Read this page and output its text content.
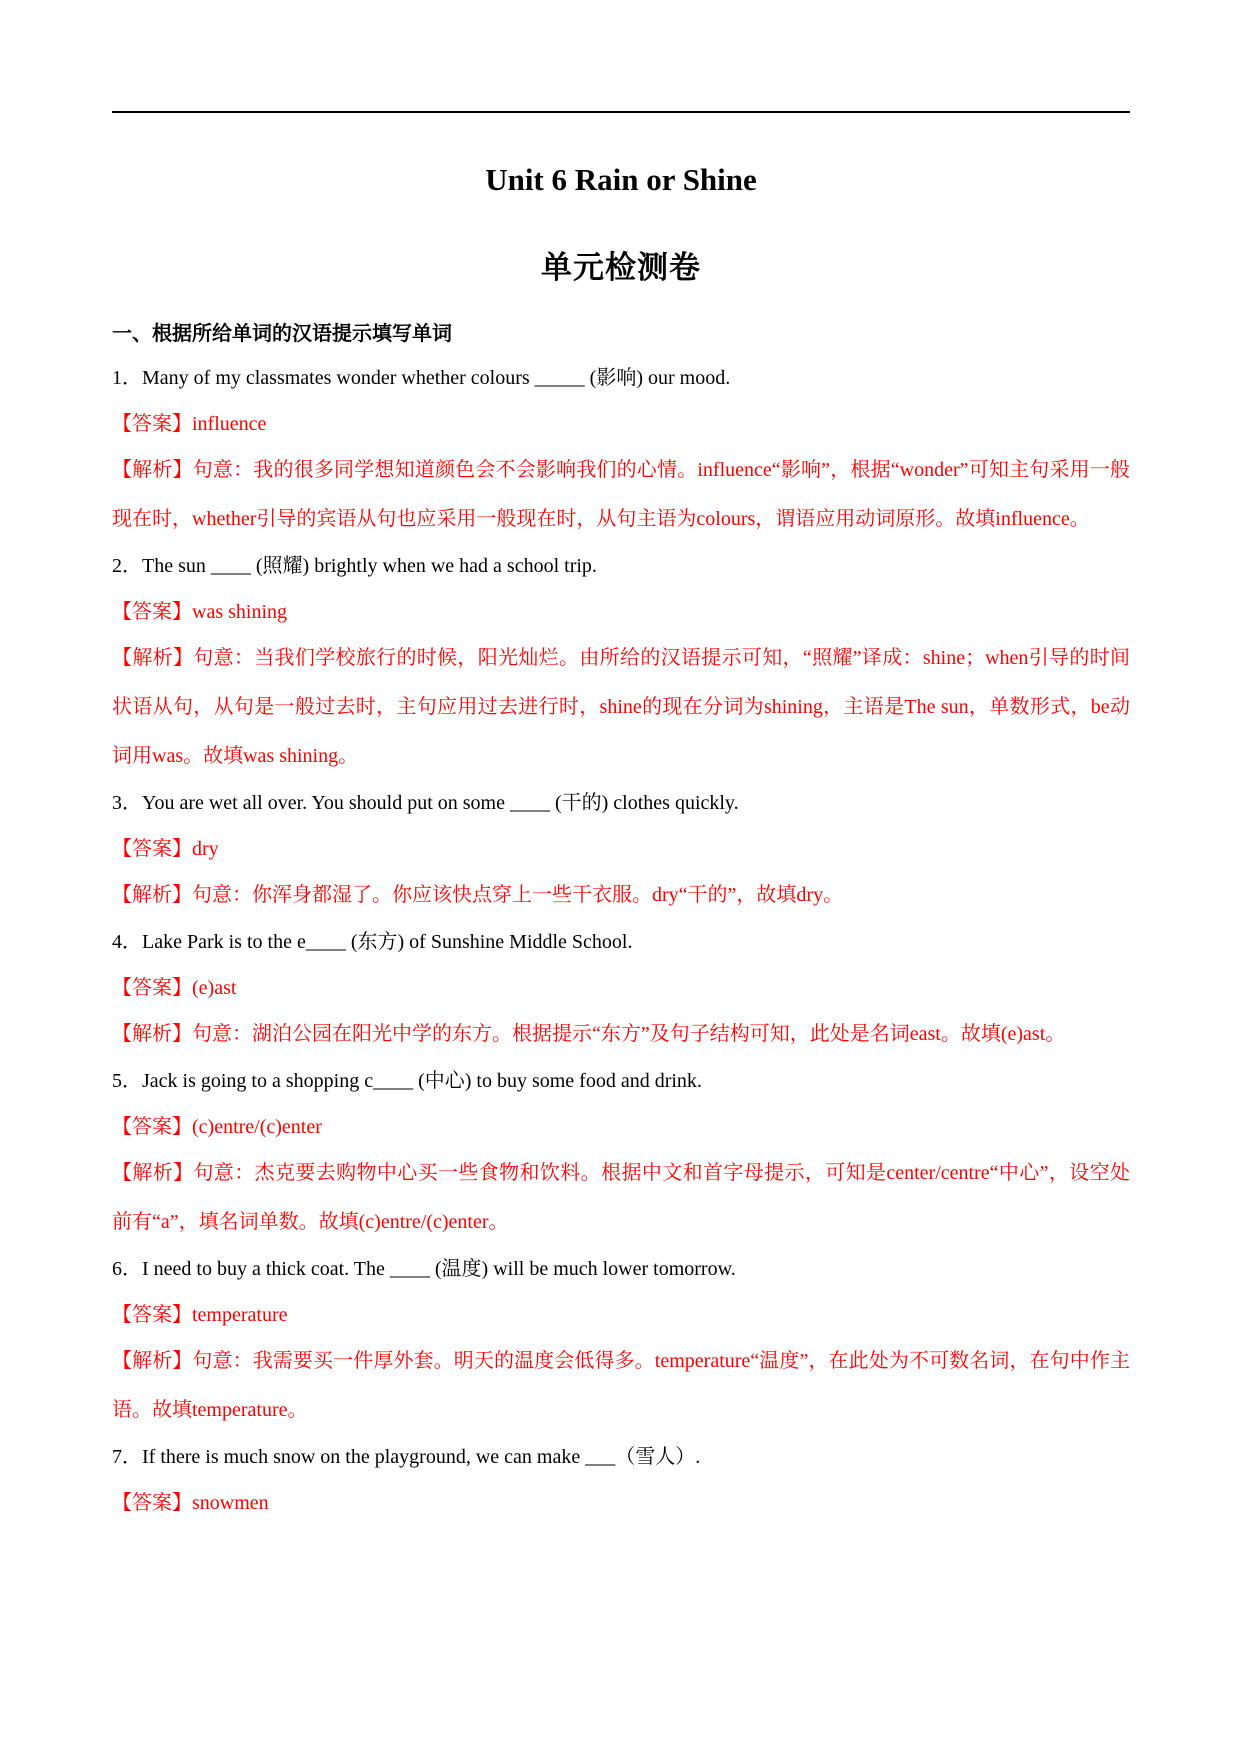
Unit 6 Rain or Shine
单元检测卷
一、根据所给单词的汉语提示填写单词
1．Many of my classmates wonder whether colours _____ (影响) our mood.
【答案】influence
【解析】句意：我的很多同学想知道颜色会不会影响我们的心情。influence“影响”，根据“wonder”可知主句采用一般现在时，whether引导的宾语从句也应采用一般现在时，从句主语为colours，谓语应用动词原形。故填influence。
2．The sun ____ (照耀) brightly when we had a school trip.
【答案】was shining
【解析】句意：当我们学校旅行的时候，阳光灿烂。由所给的汉语提示可知，“照耀”译成：shine；when引导的时间状语从句，从句是一般过去时，主句应用过去进行时，shine的现在分词为shining，主语是The sun，单数形式，be动词用was。故填was shining。
3．You are wet all over. You should put on some ____ (干的) clothes quickly.
【答案】dry
【解析】句意：你浑身都湿了。你应该快点穿上一些干衣服。dry“干的”，故填dry。
4．Lake Park is to the e____ (东方) of Sunshine Middle School.
【答案】(e)ast
【解析】句意：湖泊公园在阳光中学的东方。根据提示“东方”及句子结构可知，此处是名词east。故填(e)ast。
5．Jack is going to a shopping c____ (中心) to buy some food and drink.
【答案】(c)entre/(c)enter
【解析】句意：杰克要去购物中心买一些食物和饮料。根据中文和首字母提示，可知是center/centre“中心”，设空处前有“a”，填名词单数。故填(c)entre/(c)enter。
6．I need to buy a thick coat. The ____ (温度) will be much lower tomorrow.
【答案】temperature
【解析】句意：我需要买一件厚外套。明天的温度会低得多。temperature“温度”，在此处为不可数名词，在句中作主语。故填temperature。
7．If there is much snow on the playground, we can make ___（雪人）.
【答案】snowmen
